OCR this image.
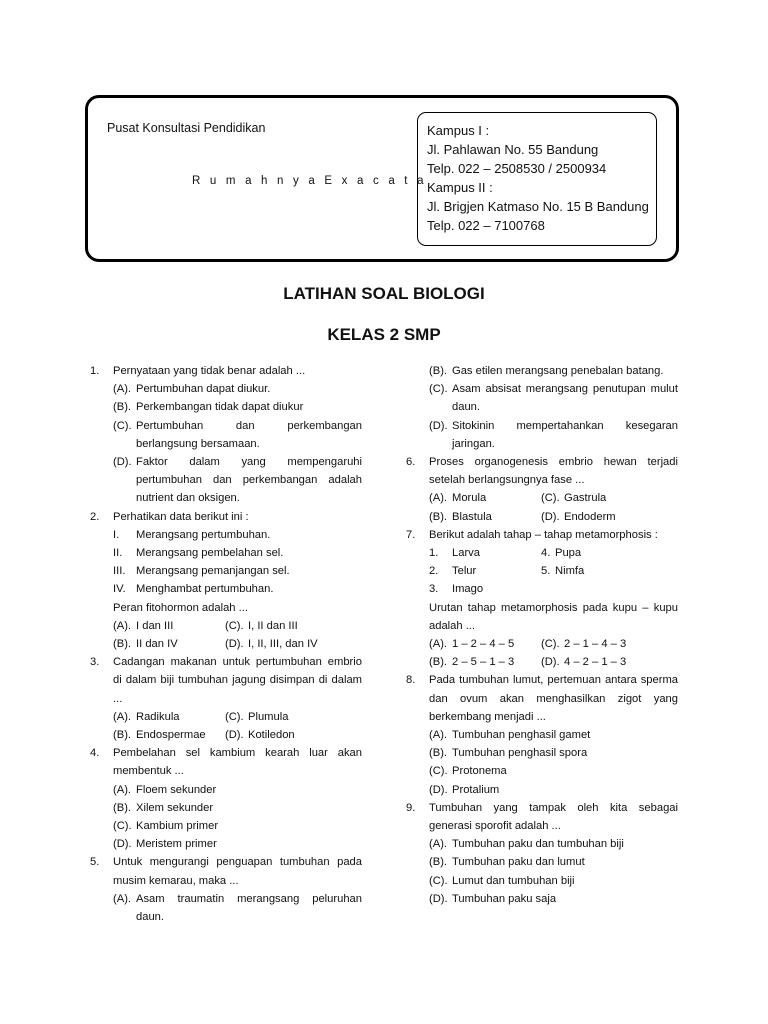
Pusat Konsultasi Pendidikan
R u m a h n y a E x a c a t a
Kampus I :
Jl. Pahlawan No. 55 Bandung
Telp. 022 – 2508530 / 2500934
Kampus II :
Jl. Brigjen Katmaso No. 15 B Bandung
Telp. 022 – 7100768
LATIHAN SOAL BIOLOGI
KELAS 2 SMP
1.	Pernyataan yang tidak benar adalah ...
(A). Pertumbuhan dapat diukur.
(B). Perkembangan tidak dapat diukur
(C). Pertumbuhan dan perkembangan berlangsung bersamaan.
(D). Faktor dalam yang mempengaruhi pertumbuhan dan perkembangan adalah nutrient dan oksigen.
2.	Perhatikan data berikut ini :
I.	Merangsang pertumbuhan.
II.	Merangsang pembelahan sel.
III. Merangsang pemanjangan sel.
IV. Menghambat pertumbuhan.
Peran fitohormon adalah ...
(A). I dan III	(C). I, II dan III
(B). II dan IV	(D). I, II, III, dan IV
3.	Cadangan makanan untuk pertumbuhan embrio di dalam biji tumbuhan jagung disimpan di dalam ...
(A). Radikula	(C). Plumula
(B). Endospermae (D). Kotiledon
4.	Pembelahan sel kambium kearah luar akan membentuk ...
(A). Floem sekunder
(B). Xilem sekunder
(C). Kambium primer
(D). Meristem primer
5.	Untuk mengurangi penguapan tumbuhan pada musim kemarau, maka ...
(A). Asam traumatin merangsang peluruhan daun.
(B). Gas etilen merangsang penebalan batang.
(C). Asam absisat merangsang penutupan mulut daun.
(D). Sitokinin mempertahankan kesegaran jaringan.
6.	Proses organogenesis embrio hewan terjadi setelah berlangsungnya fase ...
(A). Morula	(C). Gastrula
(B). Blastula	(D). Endoderm
7.	Berikut adalah tahap – tahap metamorphosis :
1.	Larva	4. Pupa
2.	Telur	5. Nimfa
3.	Imago
Urutan tahap metamorphosis pada kupu – kupu adalah ...
(A). 1 – 2 – 4 – 5 (C). 2 – 1 – 4 – 3
(B). 2 – 5 – 1 – 3 (D). 4 – 2 – 1 – 3
8.	Pada tumbuhan lumut, pertemuan antara sperma dan ovum akan menghasilkan zigot yang berkembang menjadi ...
(A). Tumbuhan penghasil gamet
(B). Tumbuhan penghasil spora
(C). Protonema
(D). Protalium
9.	Tumbuhan yang tampak oleh kita sebagai generasi sporofit adalah ...
(A). Tumbuhan paku dan tumbuhan biji
(B). Tumbuhan paku dan lumut
(C). Lumut dan tumbuhan biji
(D). Tumbuhan paku saja
